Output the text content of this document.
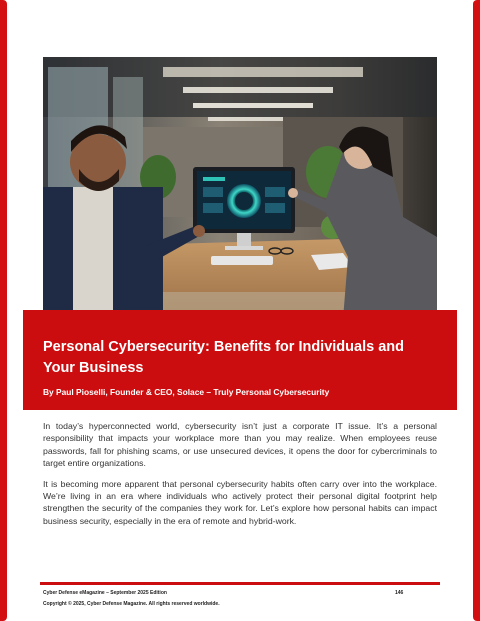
Personal Cybersecurity: Benefits for Individuals and Your Business
By Paul Pioselli, Founder & CEO, Solace – Truly Personal Cybersecurity

In today’s hyperconnected world, cybersecurity isn’t just a corporate IT issue. It’s a personal responsibility that impacts your workplace more than you may realize. When employees reuse passwords, fall for phishing scams, or use unsecured devices, it opens the door for cybercriminals to target entire organizations.

It is becoming more apparent that personal cybersecurity habits often carry over into the workplace. We’re living in an era where individuals who actively protect their personal digital footprint help strengthen the security of the companies they work for. Let’s explore how personal habits can impact business security, especially in the era of remote and hybrid-work.

Cyber Defense eMagazine – September 2025 Edition	146
Copyright © 2025, Cyber Defense Magazine. All rights reserved worldwide.
